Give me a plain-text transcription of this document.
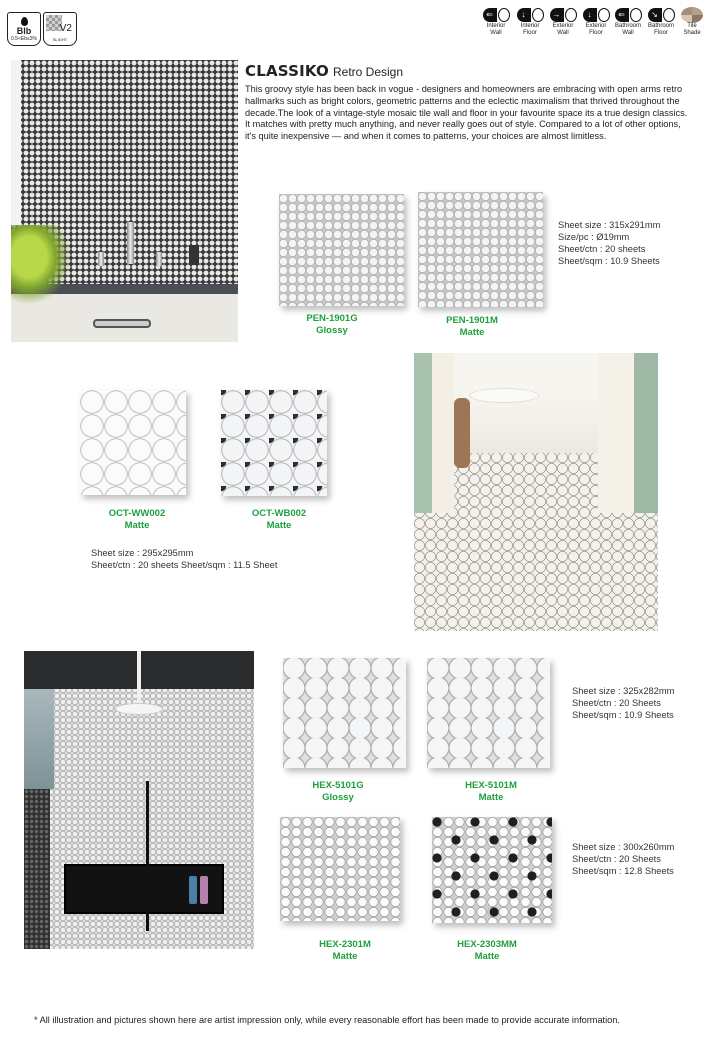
Blb
0.5<Eb≤3%
V2
SLIGHT
⇐
Interior
Wall
↓
Interior
Floor
→
Exterior
Wall
↓
Exterior
Floor
⇐
Bathroom
Wall
↘
Bathroom
Floor
Tile
Shade
CLASSIKO Retro Design
This groovy style has been back in vogue - designers and homeowners are embracing with open arms retro hallmarks such as bright colors, geometric patterns and the eclectic maximalism that thrived throughout the decade.The look of a vintage-style mosaic tile wall and floor in your favourite space its a true design classics. It matches with pretty much anything, and never really goes out of style. Compared to a lot of other options, it's quite inexpensive — and when it comes to patterns, your choices are almost limitless.
PEN-1901G
Glossy
PEN-1901M
Matte
Sheet size : 315x291mm
Size/pc : Ø19mm
Sheet/ctn : 20 sheets
Sheet/sqm : 10.9 Sheets
OCT-WW002
Matte
OCT-WB002
Matte
Sheet size : 295x295mm
Sheet/ctn : 20 sheets Sheet/sqm : 11.5 Sheet
HEX-5101G
Glossy
HEX-5101M
Matte
Sheet size : 325x282mm
Sheet/ctn : 20 Sheets
Sheet/sqm : 10.9 Sheets
HEX-2301M
Matte
HEX-2303MM
Matte
Sheet size : 300x260mm
Sheet/ctn : 20 Sheets
Sheet/sqm : 12.8 Sheets
* All illustration and pictures shown here are artist impression only, while every reasonable effort has been made to provide accurate information.
